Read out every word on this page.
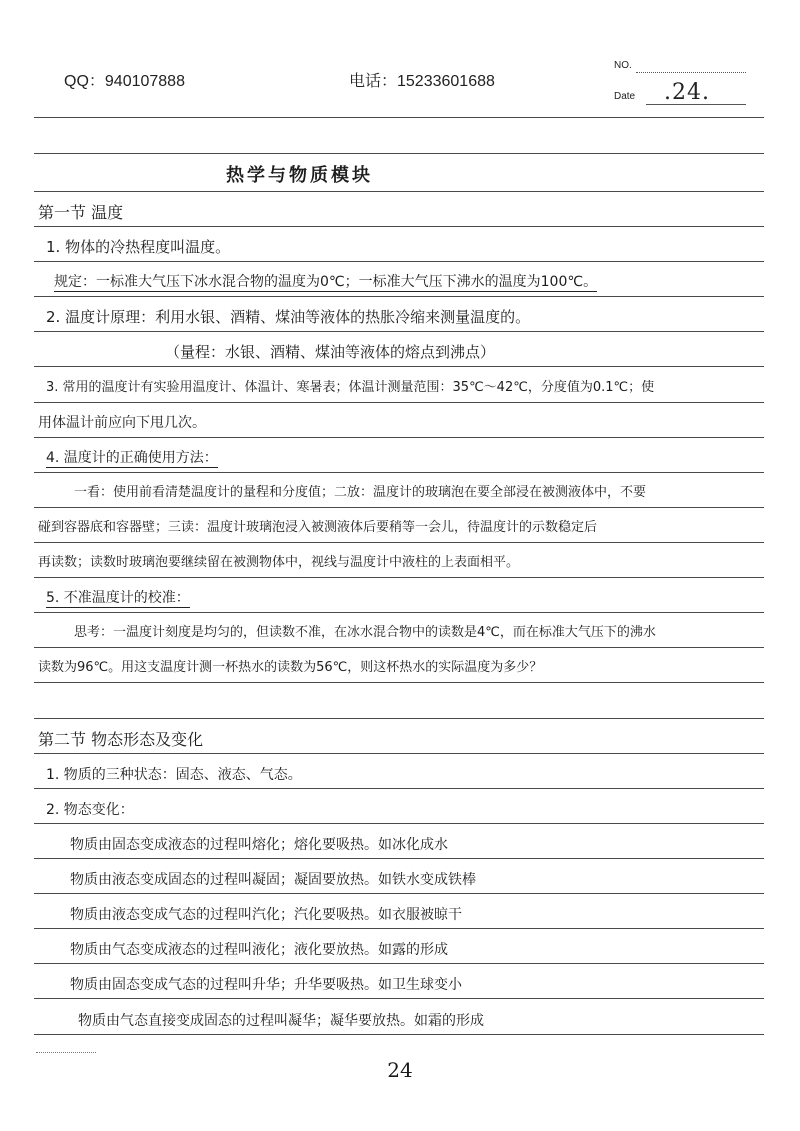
QQ：940107888	电话：15233601688
NO.
Date .24.
热学与物质模块
第一节 温度
1. 物体的冷热程度叫温度。
规定：一标准大气压下冰水混合物的温度为0℃；一标准大气压下沸水的温度为100℃。
2. 温度计原理：利用水银、酒精、煤油等液体的热胀冷缩来测量温度的。
（量程：水银、酒精、煤油等液体的熔点到沸点）
3. 常用的温度计有实验用温度计、体温计、寒暑表；体温计测量范围：35℃～42℃，分度值为0.1℃；使
用体温计前应向下甩几次。
4. 温度计的正确使用方法：
一看：使用前看清楚温度计的量程和分度值；二放：温度计的玻璃泡在要全部浸在被测液体中，不要
碰到容器底和容器壁；三读：温度计玻璃泡浸入被测液体后要稍等一会儿，待温度计的示数稳定后
再读数；读数时玻璃泡要继续留在被测物体中，视线与温度计中液柱的上表面相平。
5. 不准温度计的校准：
思考：一温度计刻度是均匀的，但读数不准，在冰水混合物中的读数是4℃，而在标准大气压下的沸水
读数为96℃。用这支温度计测一杯热水的读数为56℃，则这杯热水的实际温度为多少？
第二节 物态形态及变化
1. 物质的三种状态：固态、液态、气态。
2. 物态变化：
物质由固态变成液态的过程叫熔化；熔化要吸热。如冰化成水
物质由液态变成固态的过程叫凝固；凝固要放热。如铁水变成铁棒
物质由液态变成气态的过程叫汽化；汽化要吸热。如衣服被晾干
物质由气态变成液态的过程叫液化；液化要放热。如露的形成
物质由固态变成气态的过程叫升华；升华要吸热。如卫生球变小
物质由气态直接变成固态的过程叫凝华；凝华要放热。如霜的形成
24
